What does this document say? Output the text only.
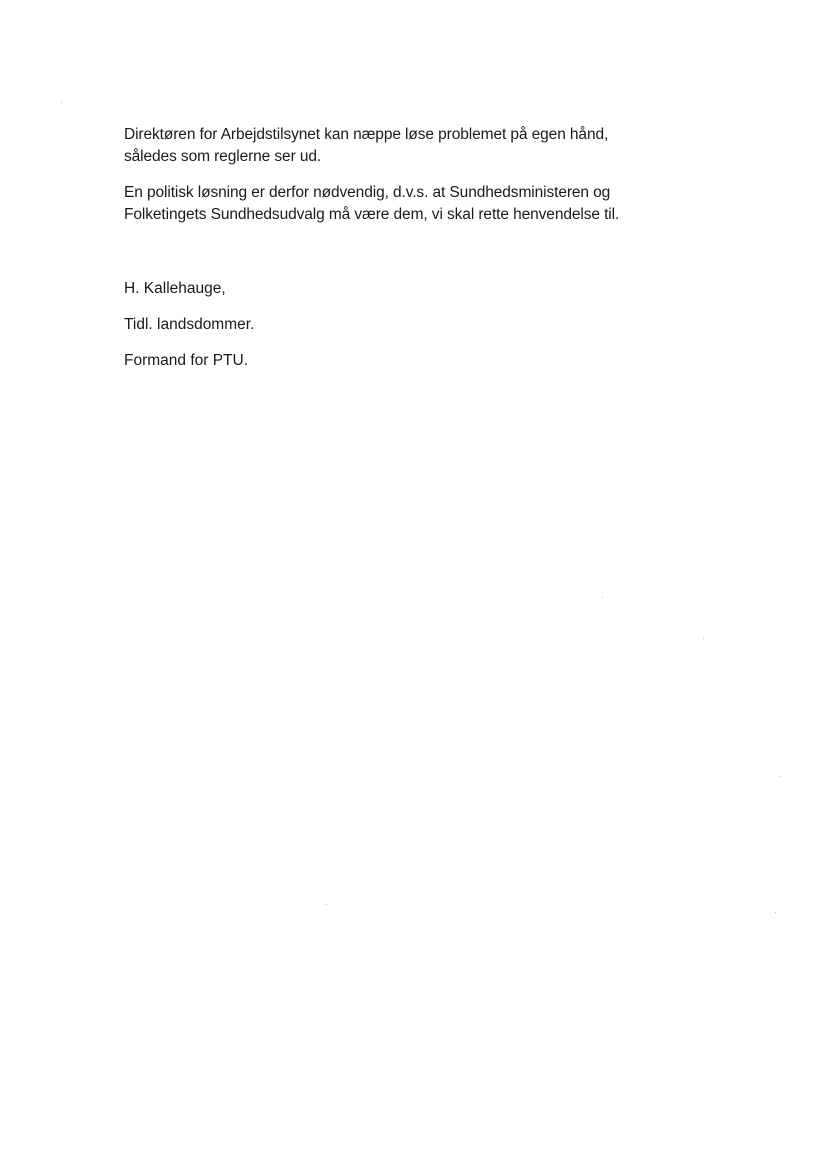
Direktøren for Arbejdstilsynet kan næppe løse problemet på egen hånd,
således som reglerne ser ud.

En politisk løsning er derfor nødvendig, d.v.s. at Sundhedsministeren og
Folketingets Sundhedsudvalg må være dem, vi skal rette henvendelse til.

H. Kallehauge,
Tidl. landsdommer.
Formand for PTU.
